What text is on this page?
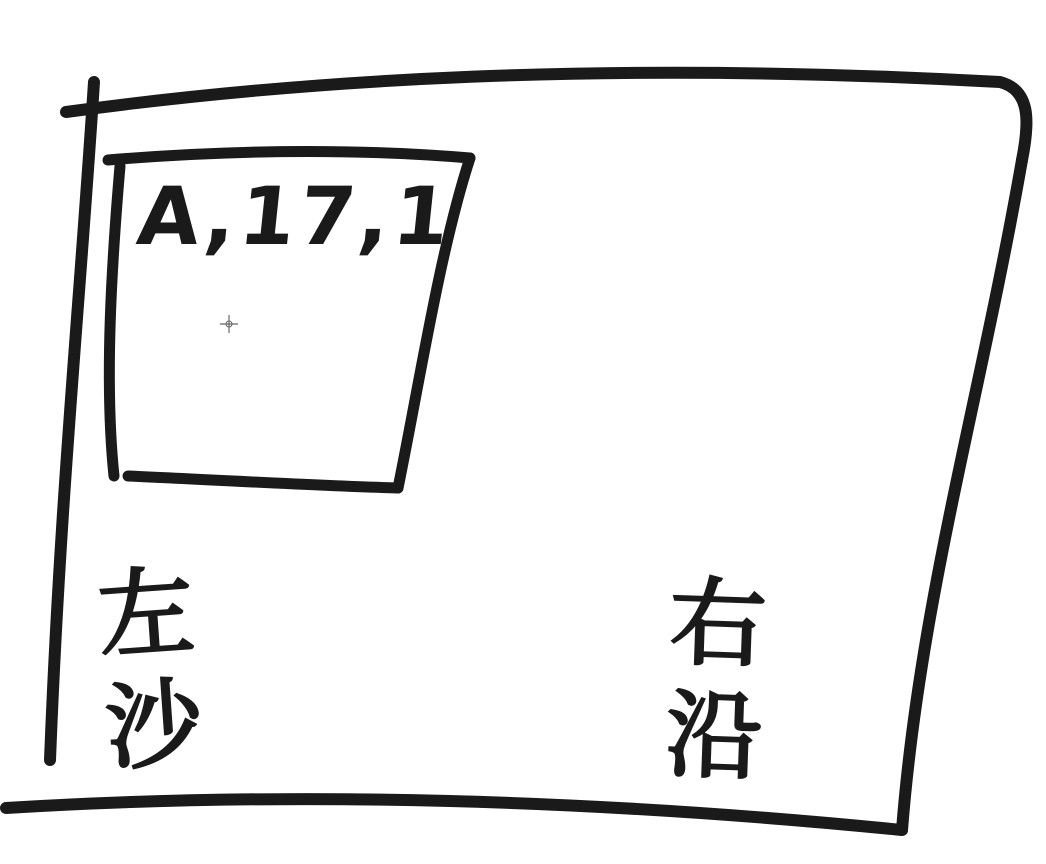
A,17,1
左
沙
右
沿
